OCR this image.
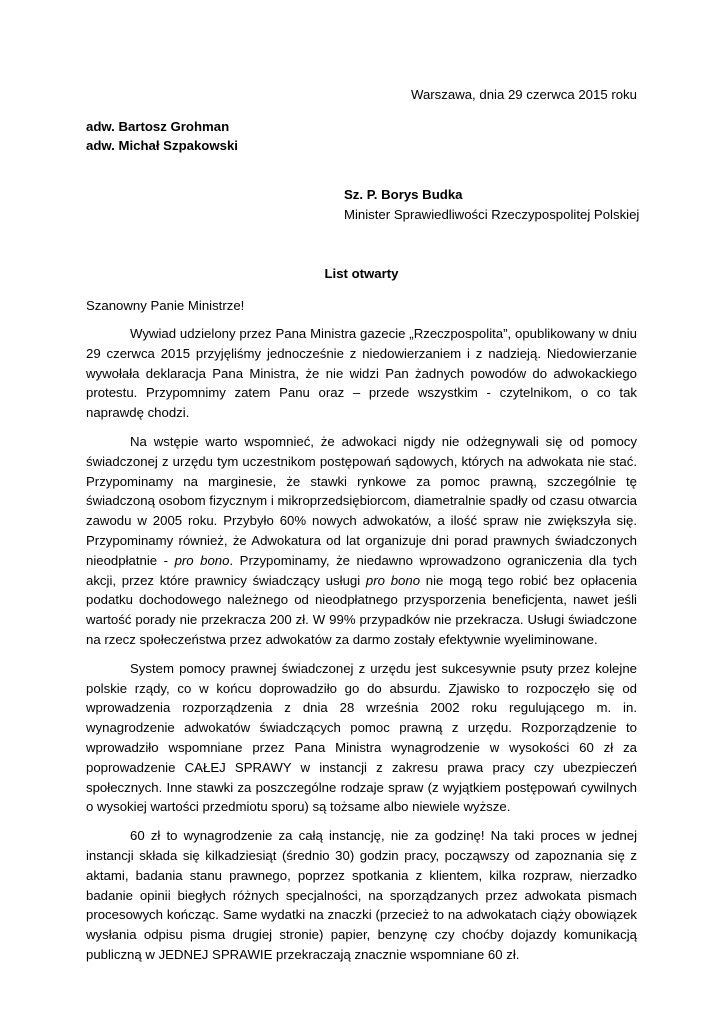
Warszawa, dnia 29 czerwca 2015 roku
adw. Bartosz Grohman
adw. Michał Szpakowski
Sz. P. Borys Budka
Minister Sprawiedliwości Rzeczypospolitej Polskiej
List otwarty
Szanowny Panie Ministrze!

Wywiad udzielony przez Pana Ministra gazecie „Rzeczpospolita”, opublikowany w dniu 29 czerwca 2015 przyjęliśmy jednocześnie z niedowierzaniem i z nadzieją. Niedowierzanie wywołała deklaracja Pana Ministra, że nie widzi Pan żadnych powodów do adwokackiego protestu. Przypomnimy zatem Panu oraz – przede wszystkim - czytelnikom, o co tak naprawdę chodzi.

Na wstępie warto wspomnieć, że adwokaci nigdy nie odżegnywali się od pomocy świadczonej z urzędu tym uczestnikom postępowań sądowych, których na adwokata nie stać. Przypominamy na marginesie, że stawki rynkowe za pomoc prawną, szczególnie tę świadczoną osobom fizycznym i mikroprzedsiębiorcom, diametralnie spadły od czasu otwarcia zawodu w 2005 roku. Przybyło 60% nowych adwokatów, a ilość spraw nie zwiększyła się. Przypominamy również, że Adwokatura od lat organizuje dni porad prawnych świadczonych nieodpłatnie - pro bono. Przypominamy, że niedawno wprowadzono ograniczenia dla tych akcji, przez które prawnicy świadczący usługi pro bono nie mogą tego robić bez opłacenia podatku dochodowego należnego od nieodpłatnego przysporzenia beneficjenta, nawet jeśli wartość porady nie przekracza 200 zł. W 99% przypadków nie przekracza. Usługi świadczone na rzecz społeczeństwa przez adwokatów za darmo zostały efektywnie wyeliminowane.

System pomocy prawnej świadczonej z urzędu jest sukcesywnie psuty przez kolejne polskie rządy, co w końcu doprowadziło go do absurdu. Zjawisko to rozpoczęło się od wprowadzenia rozporządzenia z dnia 28 września 2002 roku regulującego m. in. wynagrodzenie adwokatów świadczących pomoc prawną z urzędu. Rozporządzenie to wprowadziło wspomniane przez Pana Ministra wynagrodzenie w wysokości 60 zł za poprowadzenie CAŁEJ SPRAWY w instancji z zakresu prawa pracy czy ubezpieczeń społecznych. Inne stawki za poszczególne rodzaje spraw (z wyjątkiem postępowań cywilnych o wysokiej wartości przedmiotu sporu) są tożsame albo niewiele wyższe.

60 zł to wynagrodzenie za całą instancję, nie za godzinę! Na taki proces w jednej instancji składa się kilkadziesiąt (średnio 30) godzin pracy, począwszy od zapoznania się z aktami, badania stanu prawnego, poprzez spotkania z klientem, kilka rozpraw, nierzadko badanie opinii biegłych różnych specjalności, na sporządzanych przez adwokata pismach procesowych kończąc. Same wydatki na znaczki (przecież to na adwokatach ciąży obowiązek wysłania odpisu pisma drugiej stronie) papier, benzynę czy choćby dojazdy komunikacją publiczną w JEDNEJ SPRAWIE przekraczają znacznie wspomniane 60 zł.
